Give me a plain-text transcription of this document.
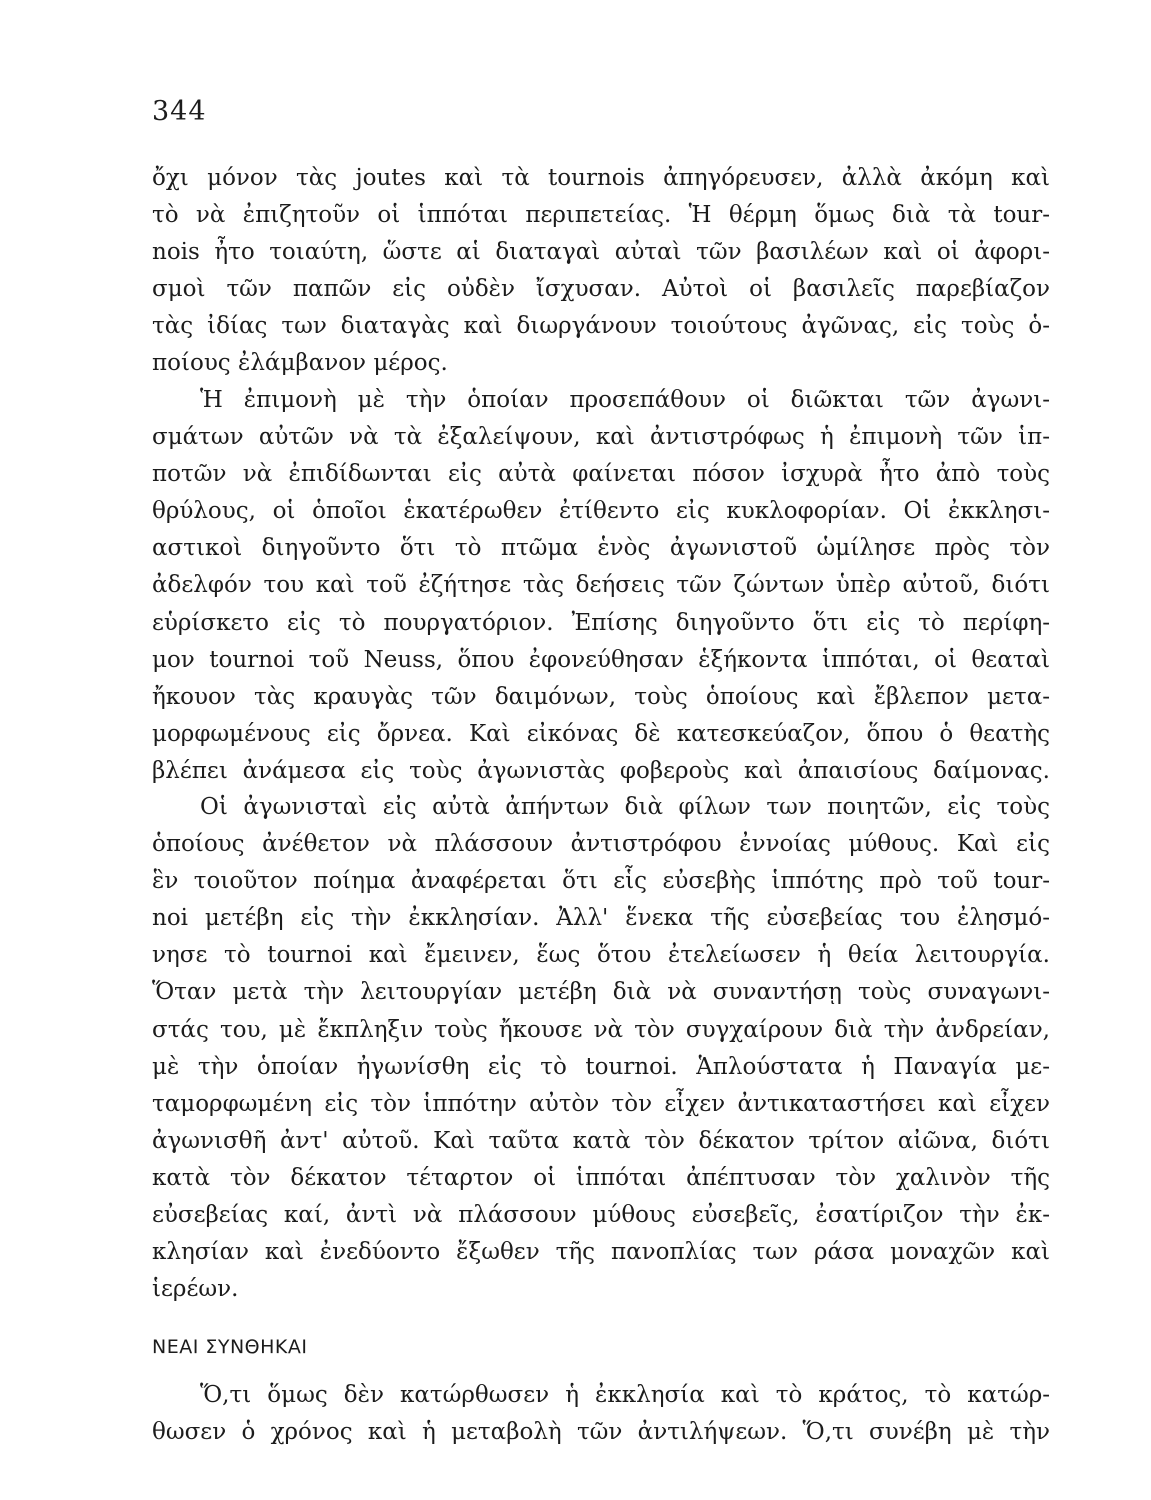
344
ὄχι μόνον τὰς joutes καὶ τὰ tournois ἀπηγόρευσεν, ἀλλὰ ἀκόμη καὶ
τὸ νὰ ἐπιζητοῦν οἱ ἱππόται περιπετείας. Ἡ θέρμη ὅμως διὰ τὰ tour-
nois ἦτο τοιαύτη, ὥστε αἱ διαταγαὶ αὐταὶ τῶν βασιλέων καὶ οἱ ἀφορι-
σμοὶ τῶν παπῶν εἰς οὐδὲν ἴσχυσαν. Αὐτοὶ οἱ βασιλεῖς παρεβίαζον
τὰς ἰδίας των διαταγὰς καὶ διωργάνουν τοιούτους ἀγῶνας, εἰς τοὺς ὁ-
ποίους ἐλάμβανον μέρος.
Ἡ ἐπιμονὴ μὲ τὴν ὁποίαν προσεπάθουν οἱ διῶκται τῶν ἀγωνι-
σμάτων αὐτῶν νὰ τὰ ἐξαλείψουν, καὶ ἀντιστρόφως ἡ ἐπιμονὴ τῶν ἱπ-
ποτῶν νὰ ἐπιδίδωνται εἰς αὐτὰ φαίνεται πόσον ἰσχυρὰ ἦτο ἀπὸ τοὺς
θρύλους, οἱ ὁποῖοι ἑκατέρωθεν ἐτίθεντο εἰς κυκλοφορίαν. Οἱ ἐκκλησι-
αστικοὶ διηγοῦντο ὅτι τὸ πτῶμα ἑνὸς ἀγωνιστοῦ ὡμίλησε πρὸς τὸν
ἀδελφόν του καὶ τοῦ ἐζήτησε τὰς δεήσεις τῶν ζώντων ὑπὲρ αὐτοῦ, διότι
εὑρίσκετο εἰς τὸ πουργατόριον. Ἐπίσης διηγοῦντο ὅτι εἰς τὸ περίφη-
μον tournoi τοῦ Neuss, ὅπου ἐφονεύθησαν ἑξήκοντα ἱππόται, οἱ θεαταὶ
ἤκουον τὰς κραυγὰς τῶν δαιμόνων, τοὺς ὁποίους καὶ ἔβλεπον μετα-
μορφωμένους εἰς ὄρνεα. Καὶ εἰκόνας δὲ κατεσκεύαζον, ὅπου ὁ θεατὴς
βλέπει ἀνάμεσα εἰς τοὺς ἀγωνιστὰς φοβεροὺς καὶ ἀπαισίους δαίμονας.
Οἱ ἀγωνισταὶ εἰς αὐτὰ ἀπήντων διὰ φίλων των ποιητῶν, εἰς τοὺς
ὁποίους ἀνέθετον νὰ πλάσσουν ἀντιστρόφου ἐννοίας μύθους. Καὶ εἰς
ἓν τοιοῦτον ποίημα ἀναφέρεται ὅτι εἷς εὐσεβὴς ἱππότης πρὸ τοῦ tour-
noi μετέβη εἰς τὴν ἐκκλησίαν. Ἀλλ' ἕνεκα τῆς εὐσεβείας του ἐλησμό-
νησε τὸ tournoi καὶ ἔμεινεν, ἕως ὅτου ἐτελείωσεν ἡ θεία λειτουργία.
Ὅταν μετὰ τὴν λειτουργίαν μετέβη διὰ νὰ συναντήσῃ τοὺς συναγωνι-
στάς του, μὲ ἔκπληξιν τοὺς ἤκουσε νὰ τὸν συγχαίρουν διὰ τὴν ἀνδρείαν,
μὲ τὴν ὁποίαν ἠγωνίσθη εἰς τὸ tournoi. Ἁπλούστατα ἡ Παναγία με-
ταμορφωμένη εἰς τὸν ἱππότην αὐτὸν τὸν εἶχεν ἀντικαταστήσει καὶ εἶχεν
ἀγωνισθῆ ἀντ' αὐτοῦ. Καὶ ταῦτα κατὰ τὸν δέκατον τρίτον αἰῶνα, διότι
κατὰ τὸν δέκατον τέταρτον οἱ ἱππόται ἀπέπτυσαν τὸν χαλινὸν τῆς
εὐσεβείας καί, ἀντὶ νὰ πλάσσουν μύθους εὐσεβεῖς, ἐσατίριζον τὴν ἐκ-
κλησίαν καὶ ἐνεδύοντο ἔξωθεν τῆς πανοπλίας των ράσα μοναχῶν καὶ
ἱερέων.
ΝΕΑΙ ΣΥΝΘΗΚΑΙ
Ὅ,τι ὅμως δὲν κατώρθωσεν ἡ ἐκκλησία καὶ τὸ κράτος, τὸ κατώρ-
θωσεν ὁ χρόνος καὶ ἡ μεταβολὴ τῶν ἀντιλήψεων. Ὅ,τι συνέβη μὲ τὴν
